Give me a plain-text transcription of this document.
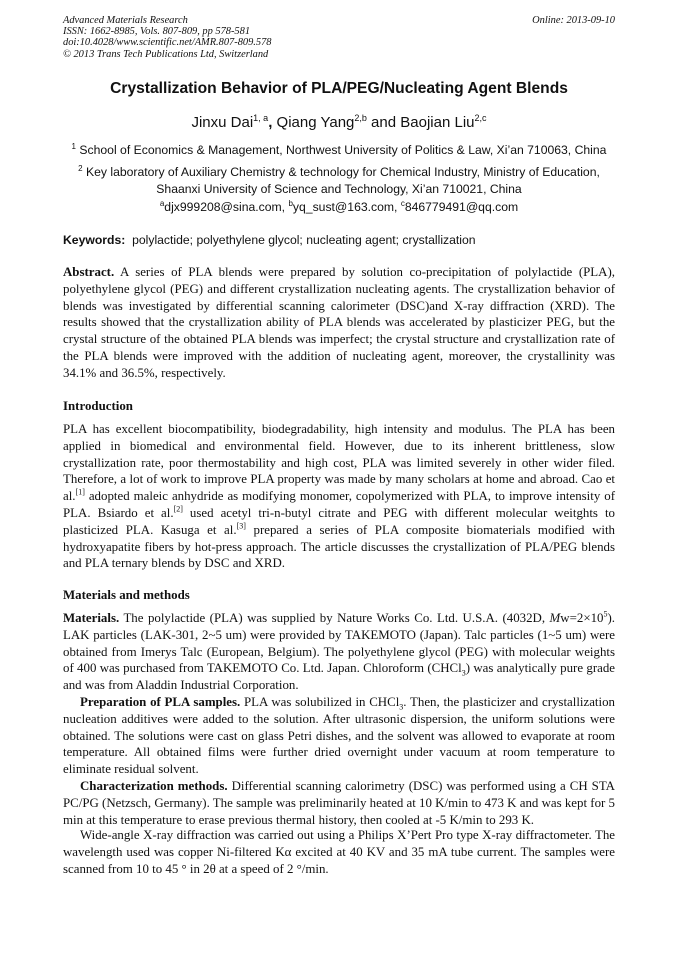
Advanced Materials Research
ISSN: 1662-8985, Vols. 807-809, pp 578-581
doi:10.4028/www.scientific.net/AMR.807-809.578
© 2013 Trans Tech Publications Ltd, Switzerland
Online: 2013-09-10
Crystallization Behavior of PLA/PEG/Nucleating Agent Blends
Jinxu Dai$^{1, a}$, Qiang Yang$^{2,b}$ and Baojian Liu$^{2,c}$
$^1$ School of Economics & Management, Northwest University of Politics & Law, Xi’an 710063, China
$^2$ Key laboratory of Auxiliary Chemistry & technology for Chemical Industry, Ministry of Education,
Shaanxi University of Science and Technology, Xi’an 710021, China
$^a$djx999208@sina.com, $^b$yq_sust@163.com, $^c$846779491@qq.com
Keywords: polylactide; polyethylene glycol; nucleating agent; crystallization
Abstract. A series of PLA blends were prepared by solution co-precipitation of polylactide (PLA), polyethylene glycol (PEG) and different crystallization nucleating agents. The crystallization behavior of blends was investigated by differential scanning calorimeter (DSC)and X-ray diffraction (XRD). The results showed that the crystallization ability of PLA blends was accelerated by plasticizer PEG, but the crystal structure of the obtained PLA blends was imperfect; the crystal structure and crystallization rate of the PLA blends were improved with the addition of nucleating agent, moreover, the crystallinity was 34.1% and 36.5%, respectively.
Introduction
PLA has excellent biocompatibility, biodegradability, high intensity and modulus. The PLA has been applied in biomedical and environmental field. However, due to its inherent brittleness, slow crystallization rate, poor thermostability and high cost, PLA was limited severely in other wider filed. Therefore, a lot of work to improve PLA property was made by many scholars at home and abroad. Cao et al.[1] adopted maleic anhydride as modifying monomer, copolymerized with PLA, to improve intensity of PLA. Bsiardo et al.[2] used acetyl tri-n-butyl citrate and PEG with different molecular weitghts to plasticized PLA. Kasuga et al.[3] prepared a series of PLA composite biomaterials modified with hydroxyapatite fibers by hot-press approach. The article discusses the crystallization of PLA/PEG blends and PLA ternary blends by DSC and XRD.
Materials and methods
Materials. The polylactide (PLA) was supplied by Nature Works Co. Ltd. U.S.A. (4032D, $Mw=2\times 10^5$). LAK particles (LAK-301, 2~5 um) were provided by TAKEMOTO (Japan). Talc particles (1~5 um) were obtained from Imerys Talc (European, Belgium). The polyethylene glycol (PEG) with molecular weights of 400 was purchased from TAKEMOTO Co. Ltd. Japan. Chloroform (CHCl$_3$) was analytically pure grade and was from Aladdin Industrial Corporation.
Preparation of PLA samples. PLA was solubilized in CHCl$_3$. Then, the plasticizer and crystallization nucleation additives were added to the solution. After ultrasonic dispersion, the uniform solutions were obtained. The solutions were cast on glass Petri dishes, and the solvent was allowed to evaporate at room temperature. All obtained films were further dried overnight under vacuum at room temperature to eliminate residual solvent.
Characterization methods. Differential scanning calorimetry (DSC) was performed using a CH STA PC/PG (Netzsch, Germany). The sample was preliminarily heated at 10 K/min to 473 K and was kept for 5 min at this temperature to erase previous thermal history, then cooled at -5 K/min to 293 K.
Wide-angle X-ray diffraction was carried out using a Philips X’Pert Pro type X-ray diffractometer. The wavelength used was copper Ni-filtered Kα excited at 40 KV and 35 mA tube current. The samples were scanned from 10 to 45 ° in 2θ at a speed of 2 °/min.
